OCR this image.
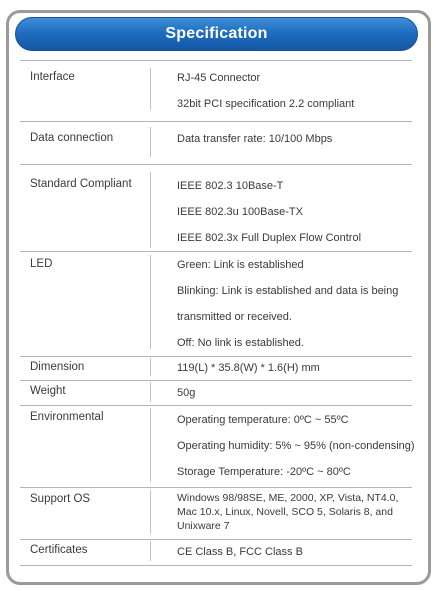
Specification
Interface	RJ-45 Connector
32bit PCI specification 2.2 compliant
Data connection	Data transfer rate: 10/100 Mbps
Standard Compliant	IEEE 802.3 10Base-T
IEEE 802.3u 100Base-TX
IEEE 802.3x Full Duplex Flow Control
LED	Green: Link is established
Blinking: Link is established and data is being
transmitted or received.
Off: No link is established.
Dimension	119(L) * 35.8(W) * 1.6(H) mm
Weight	50g
Environmental	Operating temperature: 0ºC ~ 55ºC
Operating humidity: 5% ~ 95% (non-condensing)
Storage Temperature: -20ºC ~ 80ºC
Support OS	Windows 98/98SE, ME, 2000, XP, Vista, NT4.0, Mac 10.x, Linux, Novell, SCO 5, Solaris 8, and Unixware 7
Certificates	CE Class B, FCC Class B
